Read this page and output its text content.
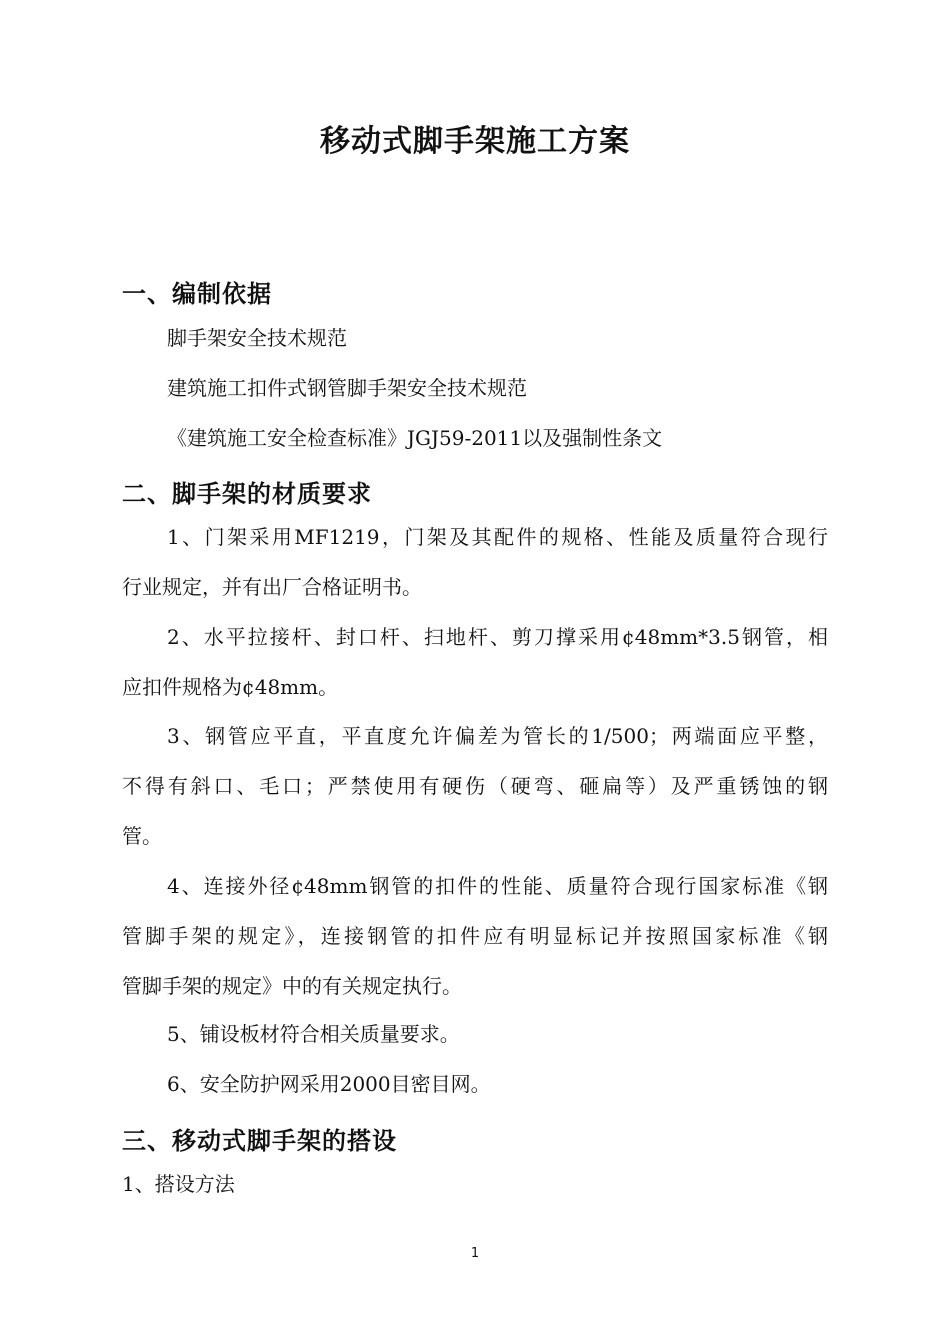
移动式脚手架施工方案
一、编制依据
脚手架安全技术规范
建筑施工扣件式钢管脚手架安全技术规范
《建筑施工安全检查标准》JGJ59-2011以及强制性条文
二、脚手架的材质要求
1、门架采用MF1219，门架及其配件的规格、性能及质量符合现行
行业规定，并有出厂合格证明书。
2、水平拉接杆、封口杆、扫地杆、剪刀撑采用¢48mm*3.5钢管，相
应扣件规格为¢48mm。
3、钢管应平直，平直度允许偏差为管长的1/500；两端面应平整，
不得有斜口、毛口；严禁使用有硬伤（硬弯、砸扁等）及严重锈蚀的钢
管。
4、连接外径¢48mm钢管的扣件的性能、质量符合现行国家标准《钢
管脚手架的规定》，连接钢管的扣件应有明显标记并按照国家标准《钢
管脚手架的规定》中的有关规定执行。
5、铺设板材符合相关质量要求。
6、安全防护网采用2000目密目网。
三、移动式脚手架的搭设
1、搭设方法
1
